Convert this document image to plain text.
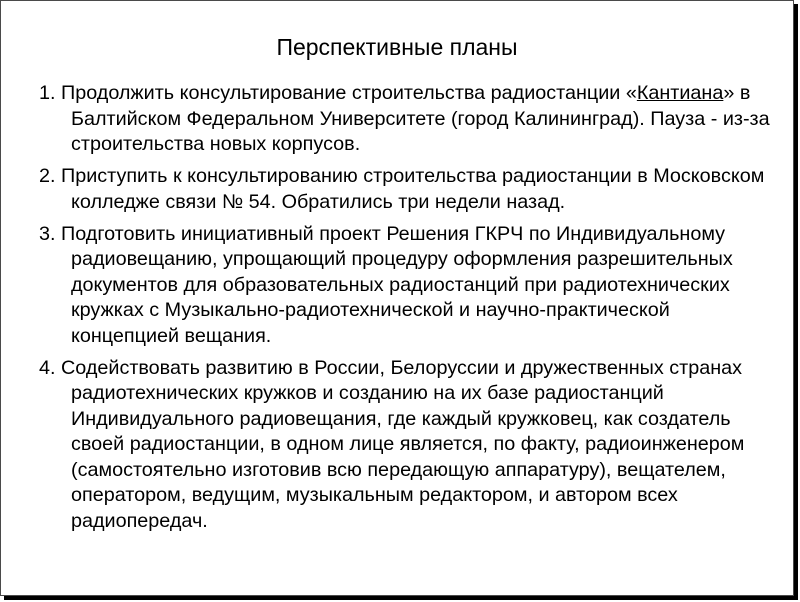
Перспективные планы
1. Продолжить консультирование строительства радиостанции «Кантиана» в Балтийском Федеральном Университете (город Калининград). Пауза - из-за строительства новых корпусов.
2. Приступить к консультированию строительства радиостанции в Московском колледже связи № 54. Обратились три недели назад.
3. Подготовить инициативный проект Решения ГКРЧ по Индивидуальному радиовещанию, упрощающий процедуру оформления разрешительных документов для образовательных радиостанций при радиотехнических кружках с Музыкально-радиотехнической и научно-практической концепцией вещания.
4. Содействовать развитию в России, Белоруссии и дружественных странах радиотехнических кружков и созданию на их базе радиостанций Индивидуального радиовещания, где каждый кружковец, как создатель своей радиостанции, в одном лице является, по факту, радиоинженером (самостоятельно изготовив всю передающую аппаратуру), вещателем, оператором, ведущим, музыкальным редактором, и автором всех радиопередач.
